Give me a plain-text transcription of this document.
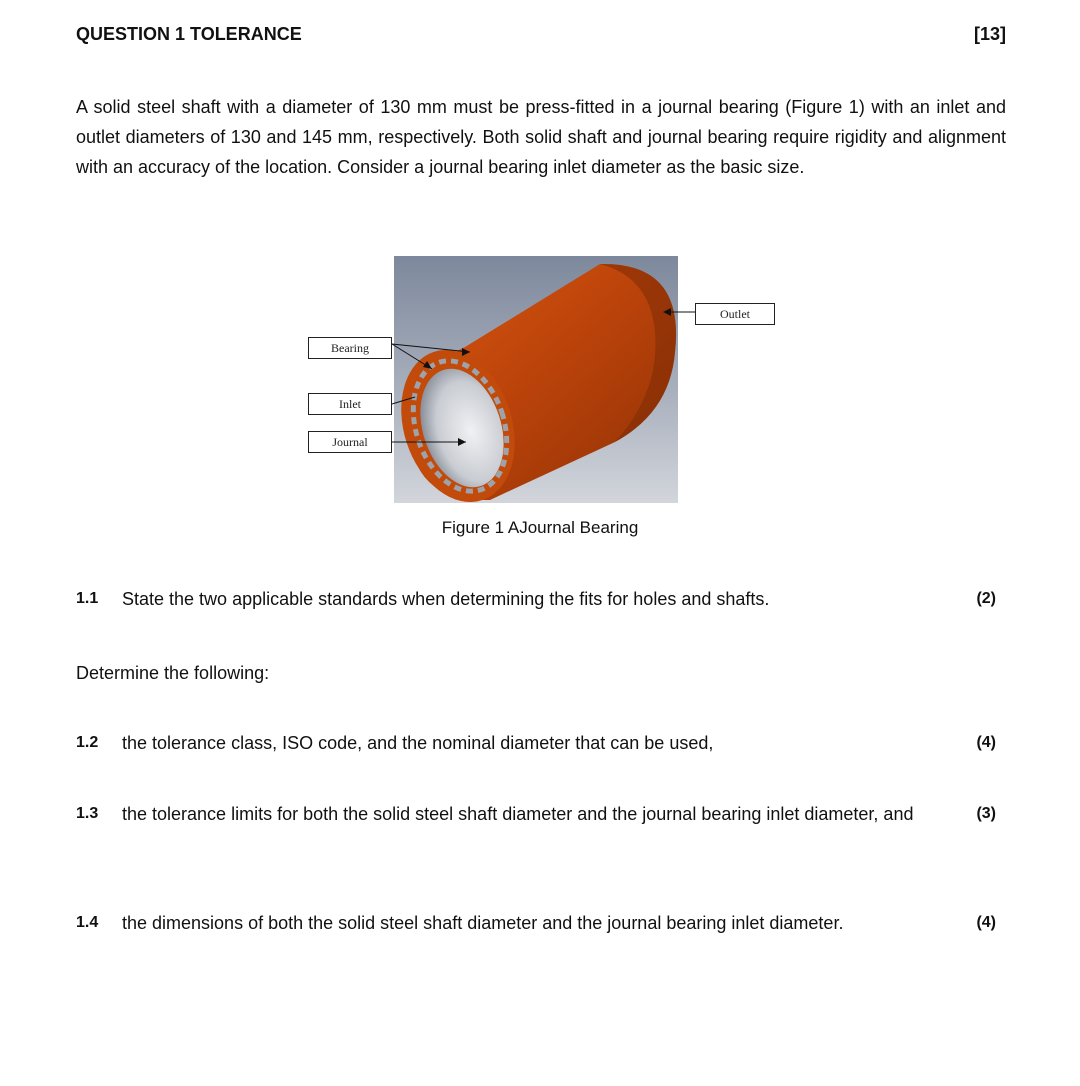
QUESTION 1 TOLERANCE	[13]

A solid steel shaft with a diameter of 130 mm must be press-fitted in a journal bearing (Figure 1) with an inlet and outlet diameters of 130 and 145 mm, respectively. Both solid shaft and journal bearing require rigidity and alignment with an accuracy of the location. Consider a journal bearing inlet diameter as the basic size.

Outlet
Bearing
Inlet
Journal
Figure 1 AJournal Bearing
1.1	State the two applicable standards when determining the fits for holes and shafts.	(2)
Determine the following:
1.2	the tolerance class, ISO code, and the nominal diameter that can be used,	(4)
1.3	the tolerance limits for both the solid steel shaft diameter and the journal bearing inlet diameter, and	(3)
1.4	the dimensions of both the solid steel shaft diameter and the journal bearing inlet diameter.	(4)
